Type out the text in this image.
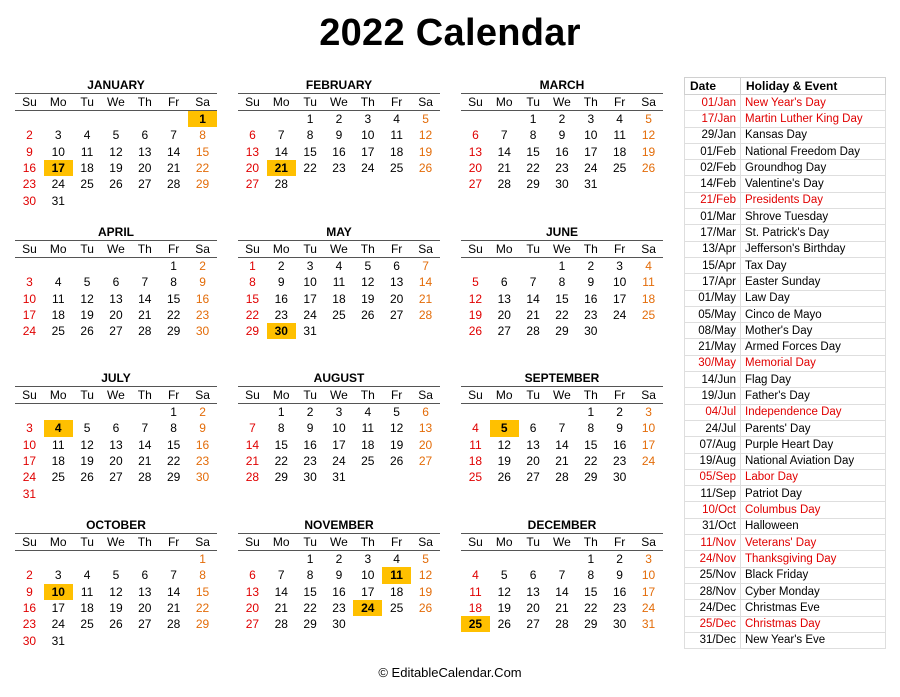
2022 Calendar
JANUARY
Su	Mo	Tu	We	Th	Fr	Sa
						1
2	3	4	5	6	7	8
9	10	11	12	13	14	15
16	17	18	19	20	21	22
23	24	25	26	27	28	29
30	31					
FEBRUARY
Su	Mo	Tu	We	Th	Fr	Sa
		1	2	3	4	5
6	7	8	9	10	11	12
13	14	15	16	17	18	19
20	21	22	23	24	25	26
27	28					

MARCH
Su	Mo	Tu	We	Th	Fr	Sa
		1	2	3	4	5
6	7	8	9	10	11	12
13	14	15	16	17	18	19
20	21	22	23	24	25	26
27	28	29	30	31		

APRIL
Su	Mo	Tu	We	Th	Fr	Sa
					1	2
3	4	5	6	7	8	9
10	11	12	13	14	15	16
17	18	19	20	21	22	23
24	25	26	27	28	29	30

MAY
Su	Mo	Tu	We	Th	Fr	Sa
1	2	3	4	5	6	7
8	9	10	11	12	13	14
15	16	17	18	19	20	21
22	23	24	25	26	27	28
29	30	31				

JUNE
Su	Mo	Tu	We	Th	Fr	Sa
			1	2	3	4
5	6	7	8	9	10	11
12	13	14	15	16	17	18
19	20	21	22	23	24	25
26	27	28	29	30		

JULY
Su	Mo	Tu	We	Th	Fr	Sa
					1	2
3	4	5	6	7	8	9
10	11	12	13	14	15	16
17	18	19	20	21	22	23
24	25	26	27	28	29	30
31						
AUGUST
Su	Mo	Tu	We	Th	Fr	Sa
	1	2	3	4	5	6
7	8	9	10	11	12	13
14	15	16	17	18	19	20
21	22	23	24	25	26	27
28	29	30	31			

SEPTEMBER
Su	Mo	Tu	We	Th	Fr	Sa
				1	2	3
4	5	6	7	8	9	10
11	12	13	14	15	16	17
18	19	20	21	22	23	24
25	26	27	28	29	30	

OCTOBER
Su	Mo	Tu	We	Th	Fr	Sa
						1
2	3	4	5	6	7	8
9	10	11	12	13	14	15
16	17	18	19	20	21	22
23	24	25	26	27	28	29
30	31					
NOVEMBER
Su	Mo	Tu	We	Th	Fr	Sa
		1	2	3	4	5
6	7	8	9	10	11	12
13	14	15	16	17	18	19
20	21	22	23	24	25	26
27	28	29	30			

DECEMBER
Su	Mo	Tu	We	Th	Fr	Sa
				1	2	3
4	5	6	7	8	9	10
11	12	13	14	15	16	17
18	19	20	21	22	23	24
25	26	27	28	29	30	31

Date	Holiday & Event
01/Jan	New Year's Day
17/Jan	Martin Luther King Day
29/Jan	Kansas Day
01/Feb	National Freedom Day
02/Feb	Groundhog Day
14/Feb	Valentine's Day
21/Feb	Presidents Day
01/Mar	Shrove Tuesday
17/Mar	St. Patrick's Day
13/Apr	Jefferson's Birthday
15/Apr	Tax Day
17/Apr	Easter Sunday
01/May	Law Day
05/May	Cinco de Mayo
08/May	Mother's Day
21/May	Armed Forces Day
30/May	Memorial Day
14/Jun	Flag Day
19/Jun	Father's Day
04/Jul	Independence Day
24/Jul	Parents' Day
07/Aug	Purple Heart Day
19/Aug	National Aviation Day
05/Sep	Labor Day
11/Sep	Patriot Day
10/Oct	Columbus Day
31/Oct	Halloween
11/Nov	Veterans' Day
24/Nov	Thanksgiving Day
25/Nov	Black Friday
28/Nov	Cyber Monday
24/Dec	Christmas Eve
25/Dec	Christmas Day
31/Dec	New Year's Eve
© EditableCalendar.Com
